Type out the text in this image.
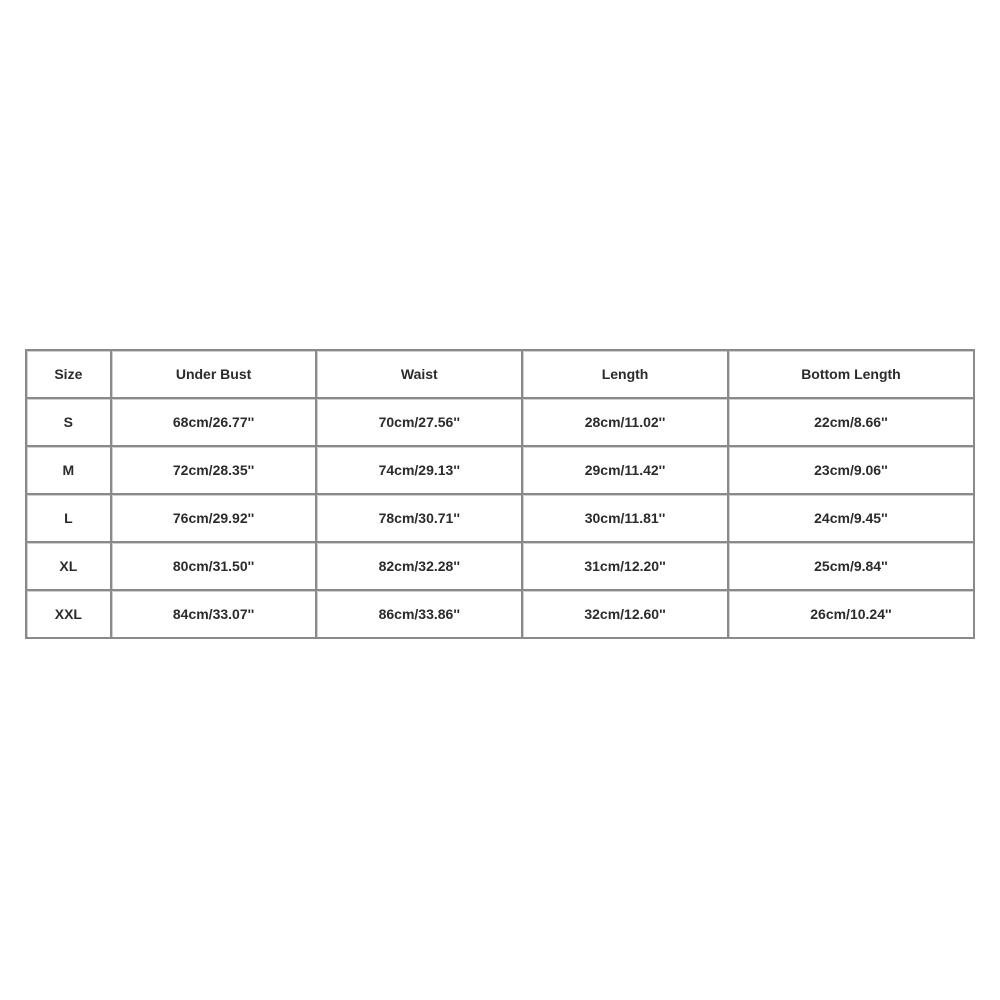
Size	Under Bust	Waist	Length	Bottom Length
S	68cm/26.77''	70cm/27.56''	28cm/11.02''	22cm/8.66''
M	72cm/28.35''	74cm/29.13''	29cm/11.42''	23cm/9.06''
L	76cm/29.92''	78cm/30.71''	30cm/11.81''	24cm/9.45''
XL	80cm/31.50''	82cm/32.28''	31cm/12.20''	25cm/9.84''
XXL	84cm/33.07''	86cm/33.86''	32cm/12.60''	26cm/10.24''
